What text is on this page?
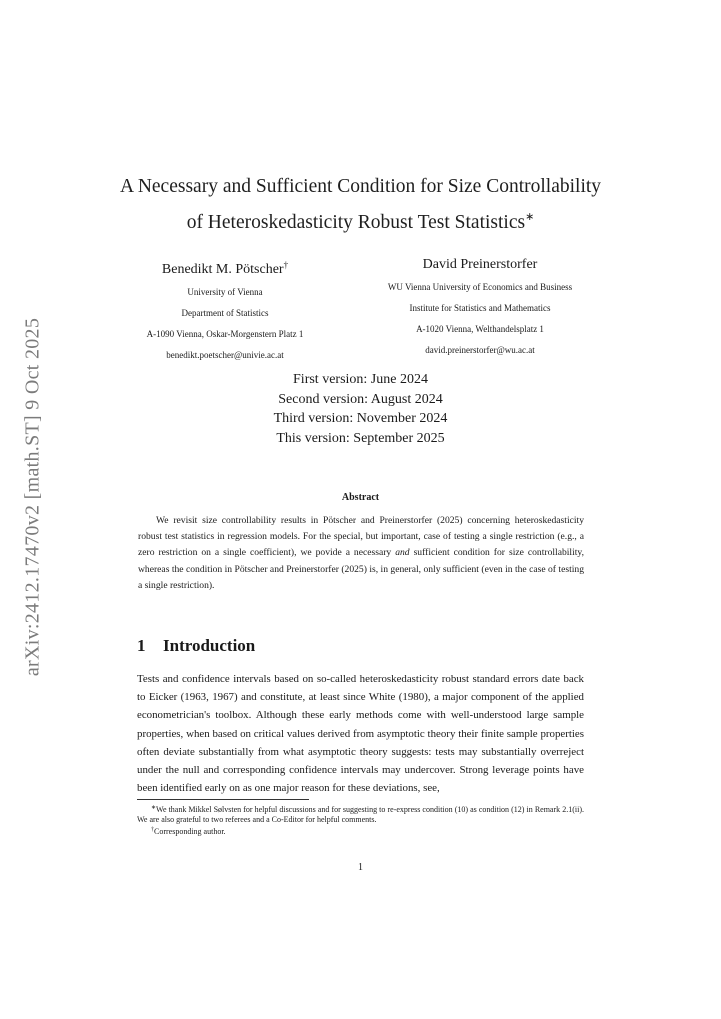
arXiv:2412.17470v2 [math.ST] 9 Oct 2025
A Necessary and Sufficient Condition for Size Controllability
of Heteroskedasticity Robust Test Statistics∗
Benedikt M. Pötscher†
University of Vienna
Department of Statistics
A-1090 Vienna, Oskar-Morgenstern Platz 1
benedikt.poetscher@univie.ac.at
David Preinerstorfer
WU Vienna University of Economics and Business
Institute for Statistics and Mathematics
A-1020 Vienna, Welthandelsplatz 1
david.preinerstorfer@wu.ac.at
First version: June 2024
Second version: August 2024
Third version: November 2024
This version: September 2025
Abstract
We revisit size controllability results in Pötscher and Preinerstorfer (2025) concerning heteroskedasticity robust test statistics in regression models. For the special, but important, case of testing a single restriction (e.g., a zero restriction on a single coefficient), we povide a necessary and sufficient condition for size controllability, whereas the condition in Pötscher and Preinerstorfer (2025) is, in general, only sufficient (even in the case of testing a single restriction).
1 Introduction
Tests and confidence intervals based on so-called heteroskedasticity robust standard errors date back to Eicker (1963, 1967) and constitute, at least since White (1980), a major component of the applied econometrician's toolbox. Although these early methods come with well-understood large sample properties, when based on critical values derived from asymptotic theory their finite sample properties often deviate substantially from what asymptotic theory suggests: tests may substantially overreject under the null and corresponding confidence intervals may undercover. Strong leverage points have been identified early on as one major reason for these deviations, see,
∗We thank Mikkel Sølvsten for helpful discussions and for suggesting to re-express condition (10) as condition (12) in Remark 2.1(ii). We are also grateful to two referees and a Co-Editor for helpful comments.
†Corresponding author.
1
